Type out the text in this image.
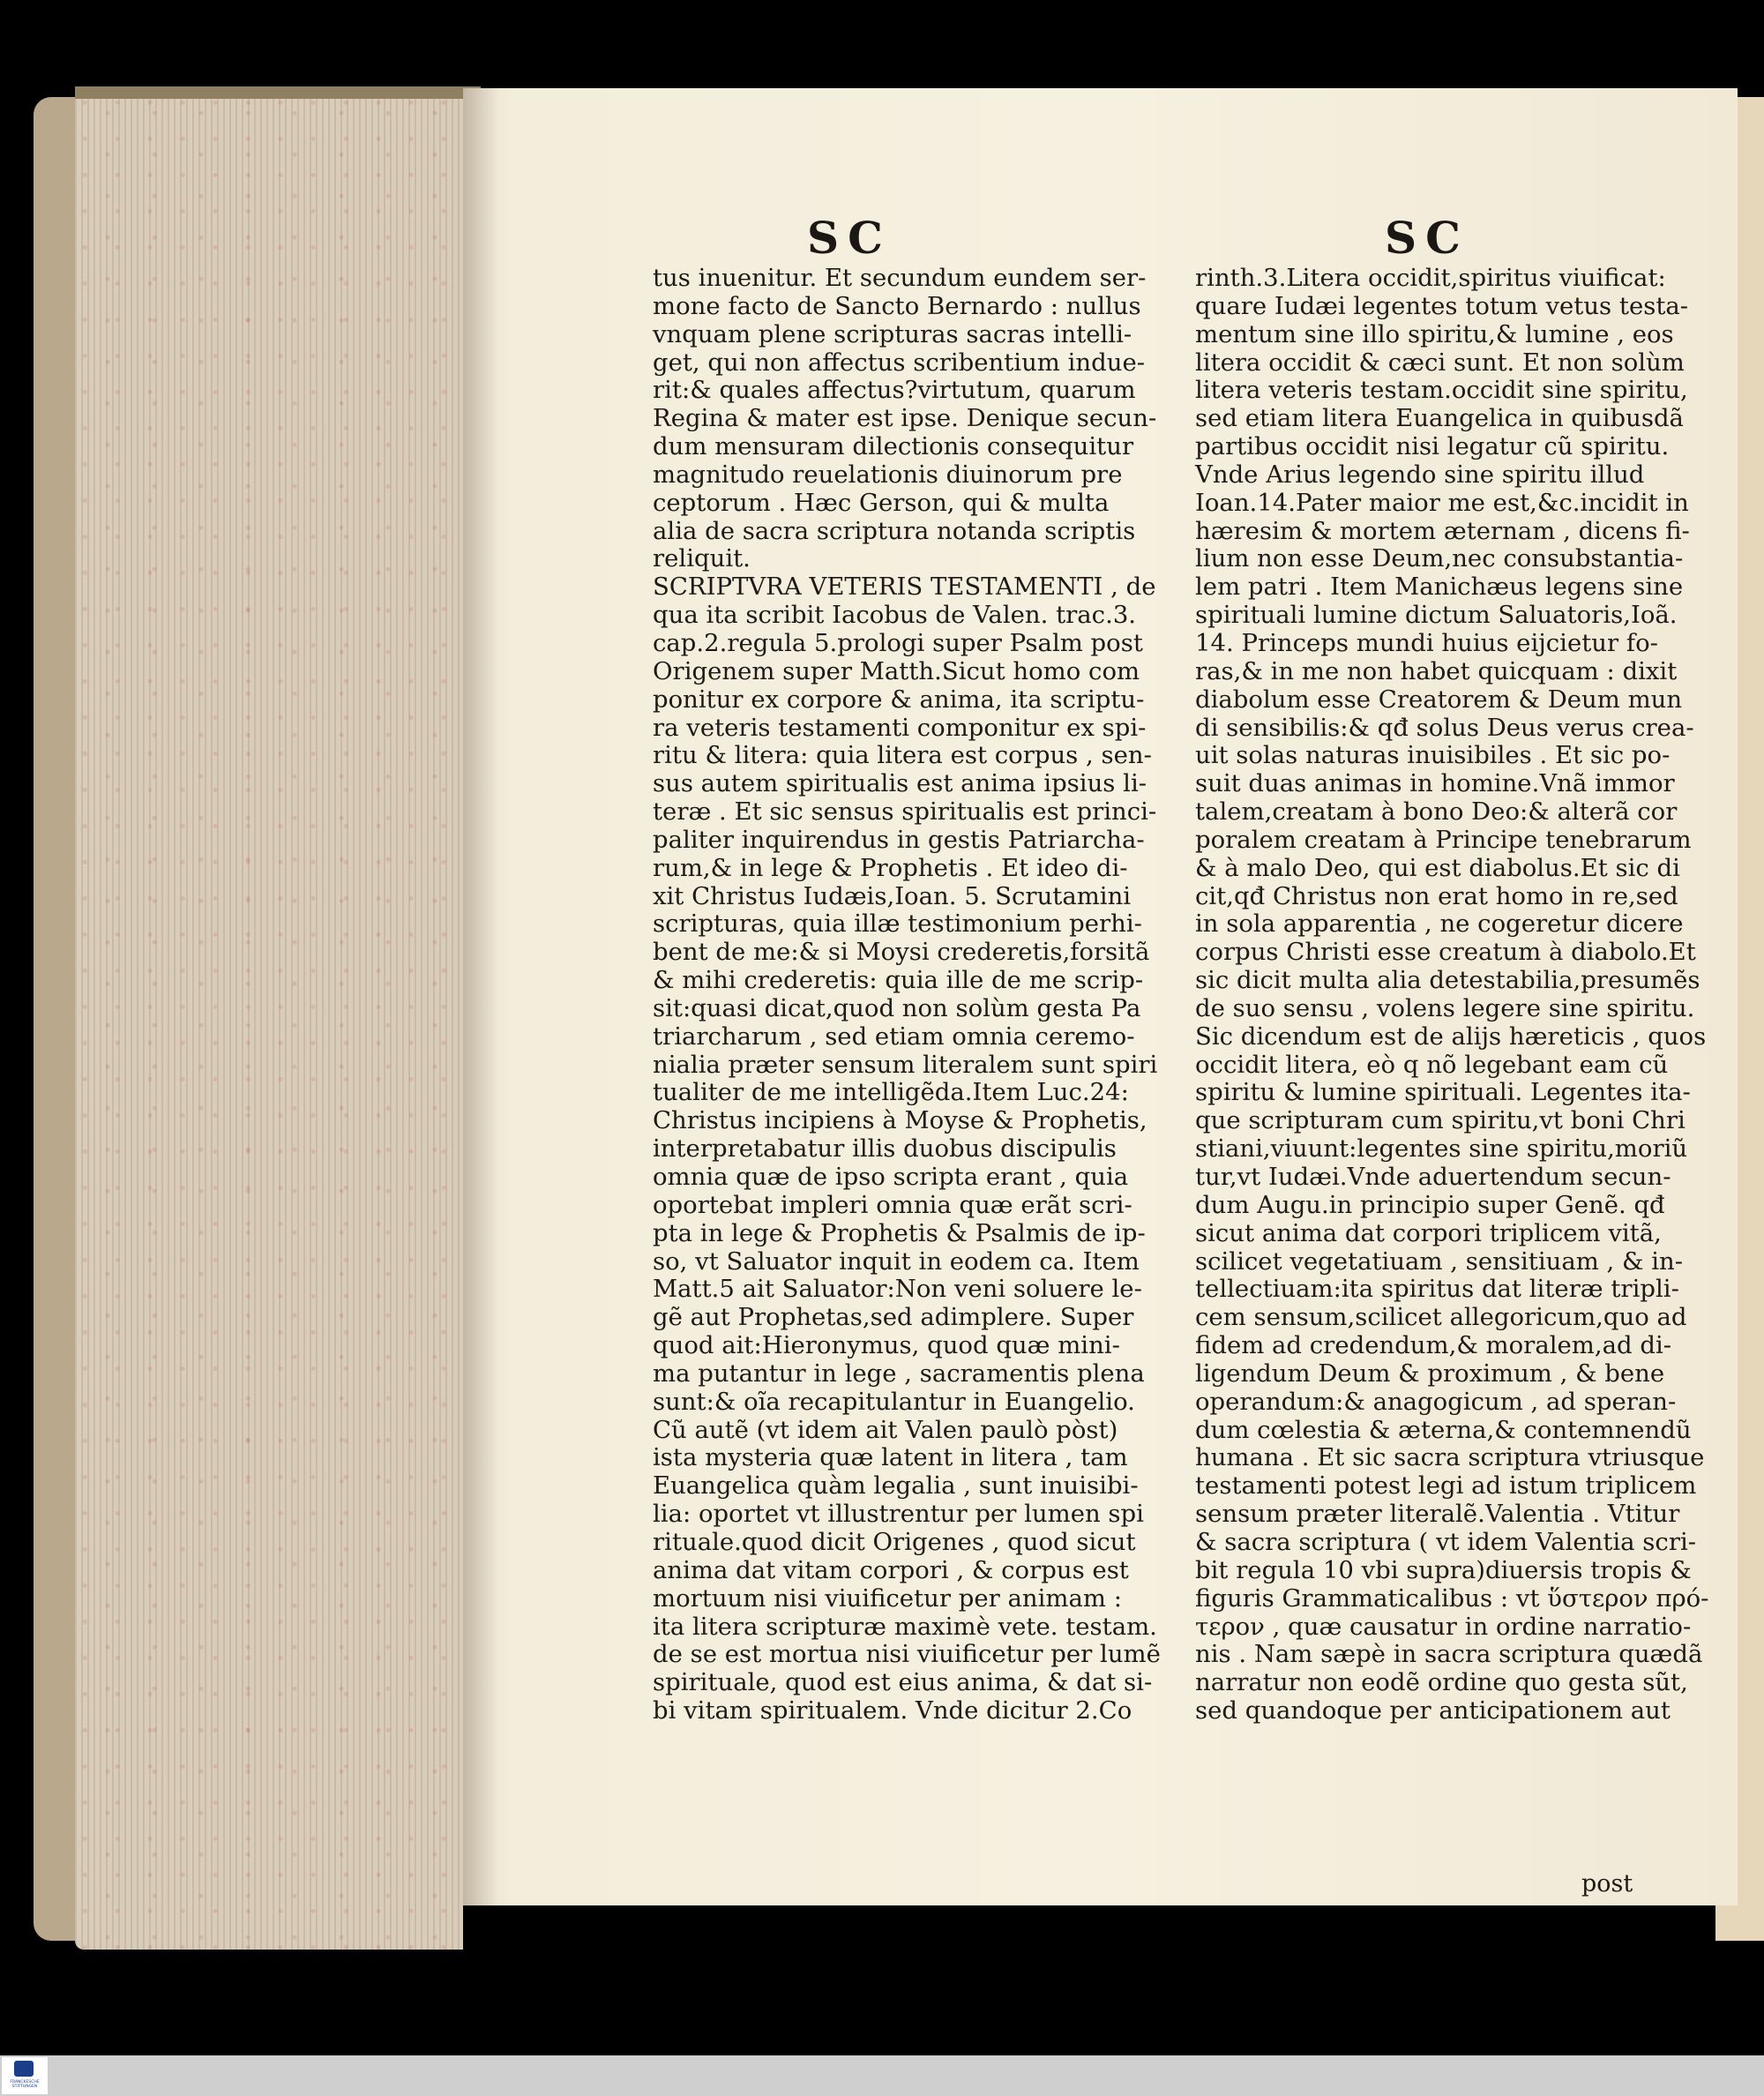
SC	SC
tus inuenitur. Et secundum eundem ser-
mone facto de Sancto Bernardo : nullus
vnquam plene scripturas sacras intelli-
get, qui non affectus scribentium indue-
rit:& quales affectus?virtutum, quarum
Regina & mater est ipse. Denique secun-
dum mensuram dilectionis consequitur
magnitudo reuelationis diuinorum pre
ceptorum . Hæc Gerson, qui & multa
alia de sacra scriptura notanda scriptis
reliquit.
SCRIPTVRA VETERIS TESTAMENTI , de
qua ita scribit Iacobus de Valen. trac.3.
cap.2.regula 5.prologi super Psalm post
Origenem super Matth.Sicut homo com
ponitur ex corpore & anima, ita scriptu-
ra veteris testamenti componitur ex spi-
ritu & litera: quia litera est corpus , sen-
sus autem spiritualis est anima ipsius li-
teræ . Et sic sensus spiritualis est princi-
paliter inquirendus in gestis Patriarcha-
rum,& in lege & Prophetis . Et ideo di-
xit Christus Iudæis,Ioan. 5. Scrutamini
scripturas, quia illæ testimonium perhi-
bent de me:& si Moysi crederetis,forsitã
& mihi crederetis: quia ille de me scrip-
sit:quasi dicat,quod non solùm gesta Pa
triarcharum , sed etiam omnia ceremo-
nialia præter sensum literalem sunt spiri
tualiter de me intelligẽda.Item Luc.24:
Christus incipiens à Moyse & Prophetis,
interpretabatur illis duobus discipulis
omnia quæ de ipso scripta erant , quia
oportebat impleri omnia quæ erãt scri-
pta in lege & Prophetis & Psalmis de ip-
so, vt Saluator inquit in eodem ca. Item
Matt.5 ait Saluator:Non veni soluere le-
gẽ aut Prophetas,sed adimplere. Super
quod ait:Hieronymus, quod quæ mini-
ma putantur in lege , sacramentis plena
sunt:& oĩa recapitulantur in Euangelio.
Cũ autẽ (vt idem ait Valen paulò pòst)
ista mysteria quæ latent in litera , tam
Euangelica quàm legalia , sunt inuisibi-
lia: oportet vt illustrentur per lumen spi
rituale.quod dicit Origenes , quod sicut
anima dat vitam corpori , & corpus est
mortuum nisi viuificetur per animam :
ita litera scripturæ maximè vete. testam.
de se est mortua nisi viuificetur per lumẽ
spirituale, quod est eius anima, & dat si-
bi vitam spiritualem. Vnde dicitur 2.Co
rinth.3.Litera occidit,spiritus viuificat:
quare Iudæi legentes totum vetus testa-
mentum sine illo spiritu,& lumine , eos
litera occidit & cæci sunt. Et non solùm
litera veteris testam.occidit sine spiritu,
sed etiam litera Euangelica in quibusdã
partibus occidit nisi legatur cũ spiritu.
Vnde Arius legendo sine spiritu illud
Ioan.14.Pater maior me est,&c.incidit in
hæresim & mortem æternam , dicens fi-
lium non esse Deum,nec consubstantia-
lem patri . Item Manichæus legens sine
spirituali lumine dictum Saluatoris,Ioã.
14. Princeps mundi huius eijcietur fo-
ras,& in me non habet quicquam : dixit
diabolum esse Creatorem & Deum mun
di sensibilis:& qđ solus Deus verus crea-
uit solas naturas inuisibiles . Et sic po-
suit duas animas in homine.Vnã immor
talem,creatam à bono Deo:& alterã cor
poralem creatam à Principe tenebrarum
& à malo Deo, qui est diabolus.Et sic di
cit,qđ Christus non erat homo in re,sed
in sola apparentia , ne cogeretur dicere
corpus Christi esse creatum à diabolo.Et
sic dicit multa alia detestabilia,presumẽs
de suo sensu , volens legere sine spiritu.
Sic dicendum est de alijs hæreticis , quos
occidit litera, eò q nõ legebant eam cũ
spiritu & lumine spirituali. Legentes ita-
que scripturam cum spiritu,vt boni Chri
stiani,viuunt:legentes sine spiritu,moriũ
tur,vt Iudæi.Vnde aduertendum secun-
dum Augu.in principio super Genẽ. qđ
sicut anima dat corpori triplicem vitã,
scilicet vegetatiuam , sensitiuam , & in-
tellectiuam:ita spiritus dat literæ tripli-
cem sensum,scilicet allegoricum,quo ad
fidem ad credendum,& moralem,ad di-
ligendum Deum & proximum , & bene
operandum:& anagogicum , ad speran-
dum cœlestia & æterna,& contemnendũ
humana . Et sic sacra scriptura vtriusque
testamenti potest legi ad istum triplicem
sensum præter literalẽ.Valentia . Vtitur
& sacra scriptura ( vt idem Valentia scri-
bit regula 10 vbi supra)diuersis tropis &
figuris Grammaticalibus : vt ὕστερον πρό-
τερον , quæ causatur in ordine narratio-
nis . Nam sæpè in sacra scriptura quædã
narratur non eodẽ ordine quo gesta sũt,
sed quandoque per anticipationem aut
post
FRANCKESCHE
STIFTUNGEN
